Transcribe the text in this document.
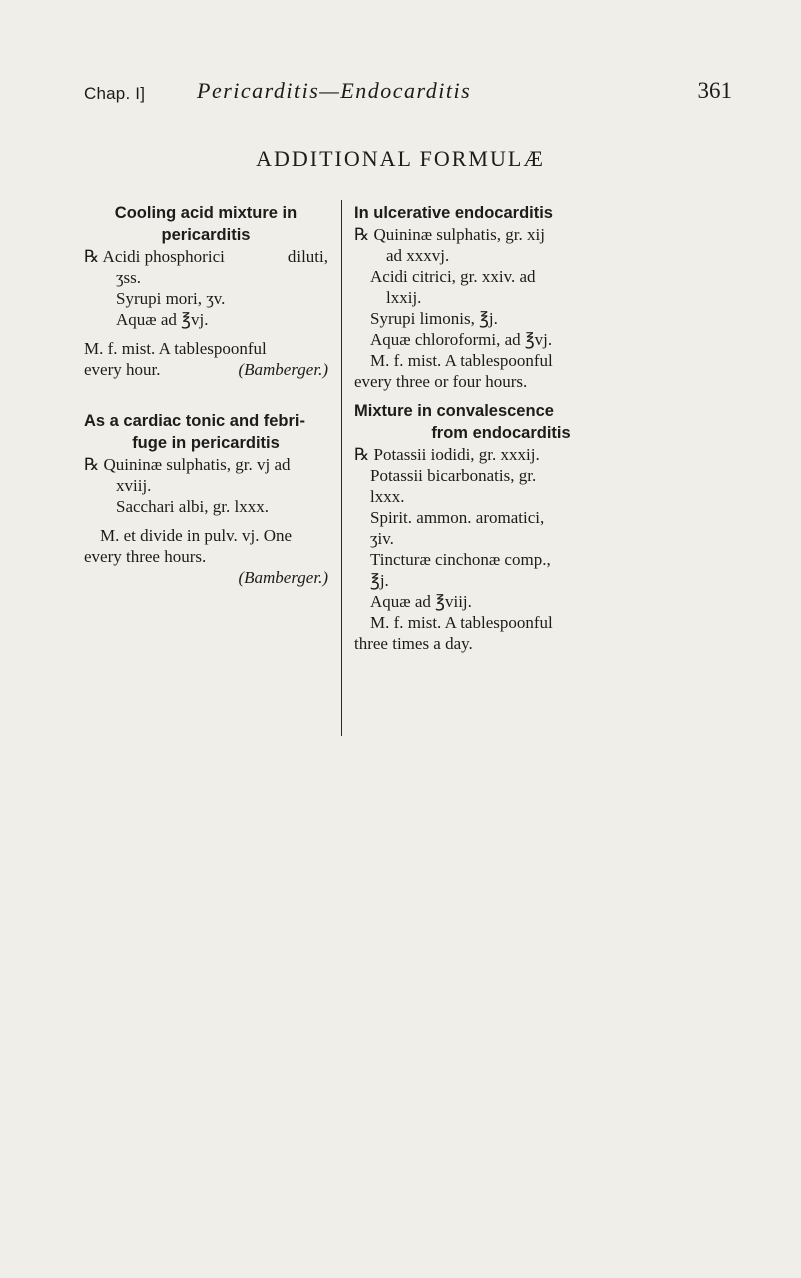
Chap. I] Pericarditis—Endocarditis	361
ADDITIONAL FORMULÆ

Cooling acid mixture in

pericarditis

℞ Acidi phosphorici	diluti,

ʒss.

Syrupi mori, ʒv.

Aquæ ad ℥vj.

M. f. mist. A tablespoonful

every hour.	(Bamberger.)

As a cardiac tonic and febri-

fuge in pericarditis

℞ Quininæ sulphatis, gr. vj ad

xviij.

Sacchari albi, gr. lxxx.

M. et divide in pulv. vj. One

every three hours.

(Bamberger.)

In ulcerative endocarditis

℞ Quininæ sulphatis, gr. xij

ad xxxvj.

Acidi citrici, gr. xxiv. ad

lxxij.

Syrupi limonis, ℥j.

Aquæ chloroformi, ad ℥vj.

M. f. mist. A tablespoonful

every three or four hours.

Mixture in convalescence

from endocarditis

℞ Potassii iodidi, gr. xxxij.

Potassii bicarbonatis, gr.

lxxx.

Spirit. ammon. aromatici,

ʒiv.

Tincturæ cinchonæ comp.,

℥j.

Aquæ ad ℥viij.

M. f. mist. A tablespoonful

three times a day.
